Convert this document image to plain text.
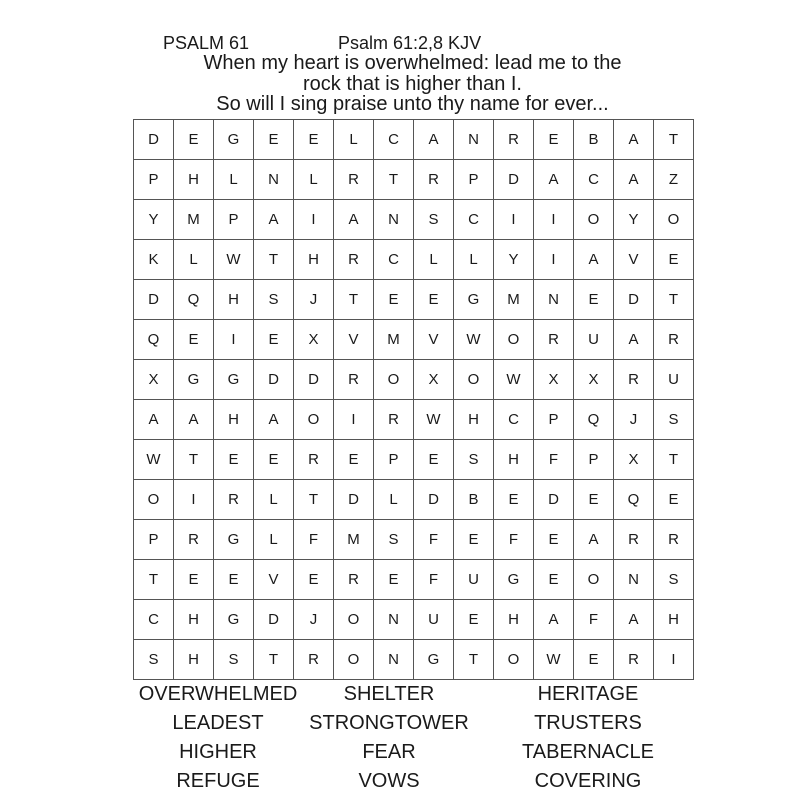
PSALM 61	Psalm 61:2,8 KJV
When my heart is overwhelmed: lead me to the
rock that is higher than I.
So will I sing praise unto thy name for ever...
D	E	G	E	E	L	C	A	N	R	E	B	A	T
P	H	L	N	L	R	T	R	P	D	A	C	A	Z
Y	M	P	A	I	A	N	S	C	I	I	O	Y	O
K	L	W	T	H	R	C	L	L	Y	I	A	V	E
D	Q	H	S	J	T	E	E	G	M	N	E	D	T
Q	E	I	E	X	V	M	V	W	O	R	U	A	R
X	G	G	D	D	R	O	X	O	W	X	X	R	U
A	A	H	A	O	I	R	W	H	C	P	Q	J	S
W	T	E	E	R	E	P	E	S	H	F	P	X	T
O	I	R	L	T	D	L	D	B	E	D	E	Q	E
P	R	G	L	F	M	S	F	E	F	E	A	R	R
T	E	E	V	E	R	E	F	U	G	E	O	N	S
C	H	G	D	J	O	N	U	E	H	A	F	A	H
S	H	S	T	R	O	N	G	T	O	W	E	R	I
OVERWHELMED	SHELTER	HERITAGE
LEADEST	STRONGTOWER	TRUSTERS
HIGHER	FEAR	TABERNACLE
REFUGE	VOWS	COVERING
